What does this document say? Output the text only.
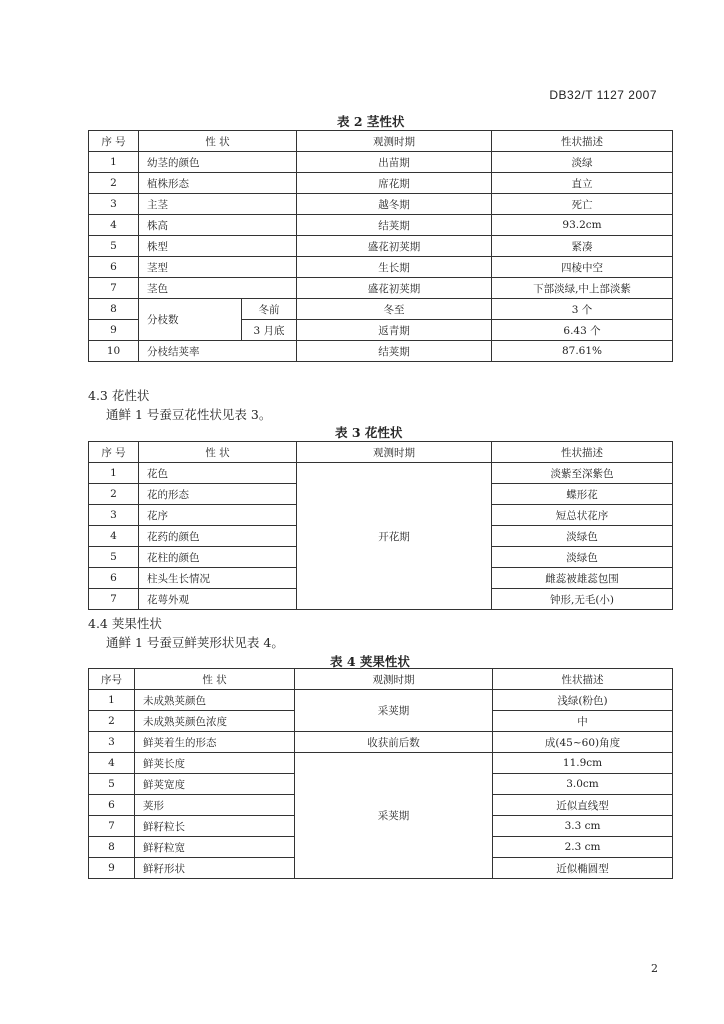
DB32/T 1127 2007
表 2 茎性状
序 号	性 状		观测时期	性状描述
1	幼茎的颜色		出苗期	淡绿
2	植株形态		席花期	直立
3	主茎		越冬期	死亡
4	株高		结荚期	93.2cm
5	株型		盛花初荚期	紧凑
6	茎型		生长期	四棱中空
7	茎色		盛花初荚期	下部淡绿,中上部淡紫
8	分枝数	冬前	冬至	3 个
9		3 月底	返青期	6.43 个
10	分枝结荚率		结荚期	87.61%
4.3 花性状
通鲜 1 号蚕豆花性状见表 3。
表 3 花性状
序 号	性 状	观测时期	性状描述
1	花色	开花期	淡紫至深紫色
2	花的形态		蝶形花
3	花序		短总状花序
4	花药的颜色		淡绿色
5	花柱的颜色		淡绿色
6	柱头生长情况		雌蕊被雄蕊包围
7	花萼外观		钟形,无毛(小)
4.4 荚果性状
通鲜 1 号蚕豆鲜荚形状见表 4。
表 4 荚果性状
序号	性 状	观测时期	性状描述
1	未成熟荚颜色	采荚期	浅绿(粉色)
2	未成熟荚颜色浓度		中
3	鲜荚着生的形态	收获前后数	成(45~60)角度
4	鲜荚长度	采荚期	11.9cm
5	鲜荚宽度		3.0cm
6	荚形		近似直线型
7	鲜籽粒长		3.3 cm
8	鲜籽粒宽		2.3 cm
9	鲜籽形状		近似椭圆型
2
